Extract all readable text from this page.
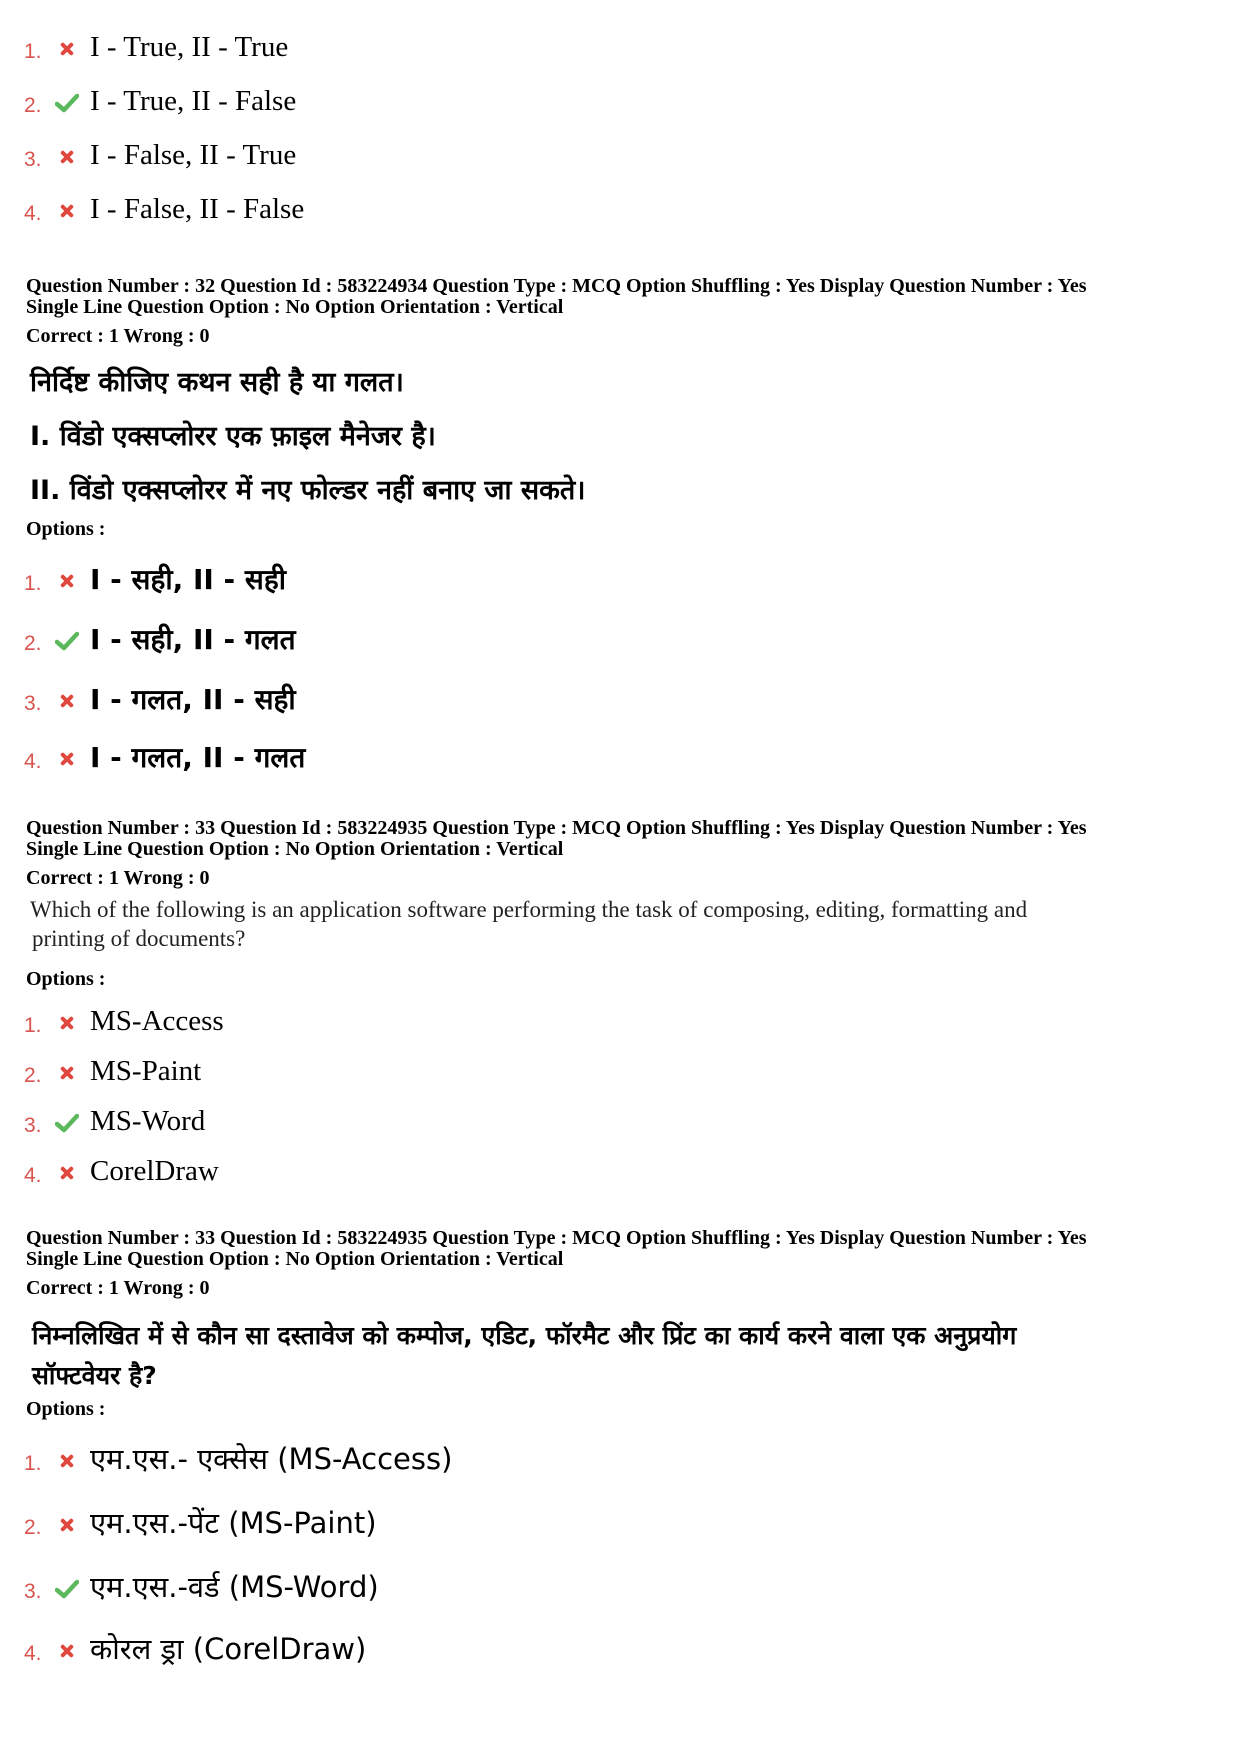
1. I - True, II - True
2. I - True, II - False
3. I - False, II - True
4. I - False, II - False
Question Number : 32 Question Id : 583224934 Question Type : MCQ Option Shuffling : Yes Display Question Number : Yes
Single Line Question Option : No Option Orientation : Vertical
Correct : 1 Wrong : 0
निर्दिष्ट कीजिए कथन सही है या गलत।
I. विंडो एक्सप्लोरर एक फ़ाइल मैनेजर है।
II. विंडो एक्सप्लोरर में नए फोल्डर नहीं बनाए जा सकते।
Options :
1.	I - सही, II - सही
2.	I - सही, II - गलत
3.	I - गलत, II - सही
4.	I - गलत, II - गलत
Question Number : 33 Question Id : 583224935 Question Type : MCQ Option Shuffling : Yes Display Question Number : Yes
Single Line Question Option : No Option Orientation : Vertical
Correct : 1 Wrong : 0
Which of the following is an application software performing the task of composing, editing, formatting and
printing of documents?
Options :
1. MS-Access
2. MS-Paint
3. MS-Word
4. CorelDraw
Question Number : 33 Question Id : 583224935 Question Type : MCQ Option Shuffling : Yes Display Question Number : Yes
Single Line Question Option : No Option Orientation : Vertical
Correct : 1 Wrong : 0
निम्नलिखित में से कौन सा दस्तावेज को कम्पोज, एडिट, फॉरमैट और प्रिंट का कार्य करने वाला एक अनुप्रयोग
सॉफ्टवेयर है?
Options :
1. एम.एस.- एक्सेस (MS-Access)
2. एम.एस.-पेंट (MS-Paint)
3. एम.एस.-वर्ड (MS-Word)
4. कोरल ड्रा (CorelDraw)
